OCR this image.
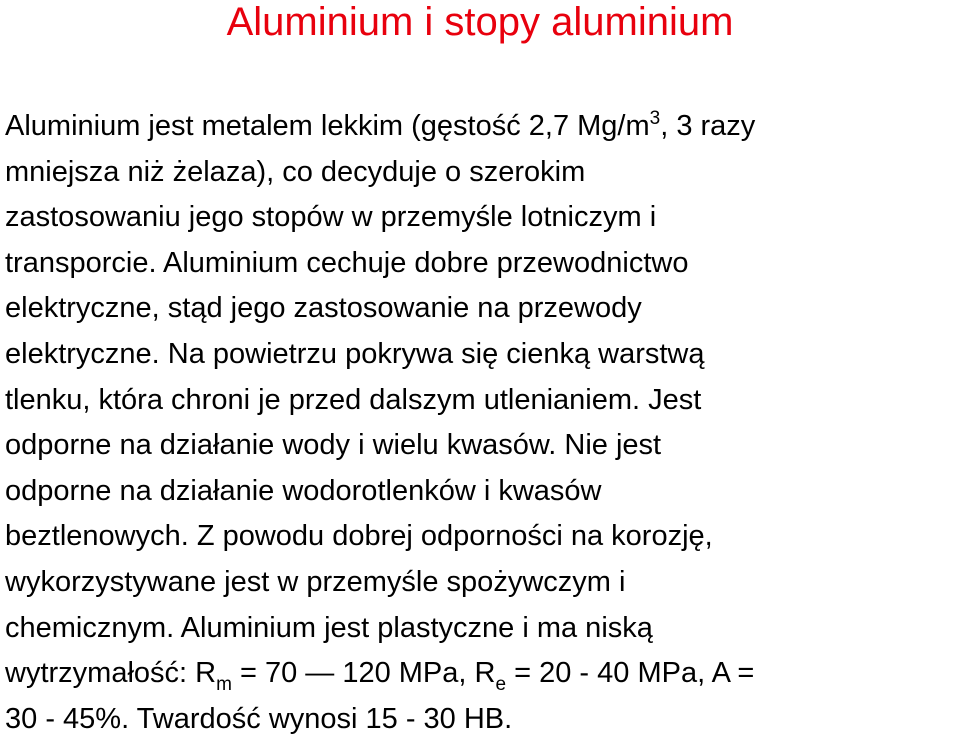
Aluminium i stopy aluminium
Aluminium jest metalem lekkim (gęstość 2,7 $Mg/m^3$, 3 razy
mniejsza niż żelaza), co decyduje o szerokim
zastosowaniu jego stopów w przemyśle lotniczym i
transporcie. Aluminium cechuje dobre przewodnictwo
elektryczne, stąd jego zastosowanie na przewody
elektryczne. Na powietrzu pokrywa się cienką warstwą
tlenku, która chroni je przed dalszym utlenianiem. Jest
odporne na działanie wody i wielu kwasów. Nie jest
odporne na działanie wodorotlenków i kwasów
beztlenowych. Z powodu dobrej odporności na korozję,
wykorzystywane jest w przemyśle spożywczym i
chemicznym. Aluminium jest plastyczne i ma niską
wytrzymałość: $R_m = 70$ — 120 MPa, $R_e = 20 - 40$ MPa, A =
30 - 45%. Twardość wynosi 15 - 30 HB.
